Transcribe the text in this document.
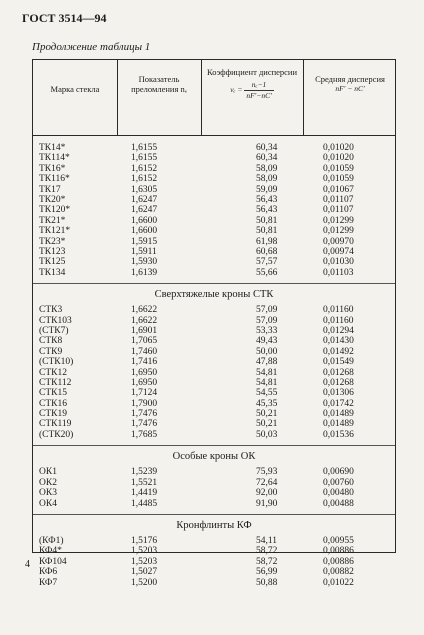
ГОСТ 3514—94
Продолжение таблицы 1
Марка стекла
Показатель
преломления nₑ
Коэффициент дисперсии
$\nu_e = \frac{\text{nₑ−1}}{nF'-nC'}$
Средняя дисперсия
nF′ − nC′
ТК14*	1,6155	60,34	0,01020
ТК114*	1,6155	60,34	0,01020
ТК16*	1,6152	58,09	0,01059
ТК116*	1,6152	58,09	0,01059
ТК17	1,6305	59,09	0,01067
ТК20*	1,6247	56,43	0,01107
ТК120*	1,6247	56,43	0,01107
ТК21*	1,6600	50,81	0,01299
ТК121*	1,6600	50,81	0,01299
ТК23*	1,5915	61,98	0,00970
ТК123	1,5911	60,68	0,00974
ТК125	1,5930	57,57	0,01030
ТК134	1,6139	55,66	0,01103
Сверхтяжелые кроны СТК
СТК3	1,6622	57,09	0,01160
СТК103	1,6622	57,09	0,01160
(СТК7)	1,6901	53,33	0,01294
СТК8	1,7065	49,43	0,01430
СТК9	1,7460	50,00	0,01492
(СТК10)	1,7416	47,88	0,01549
СТК12	1,6950	54,81	0,01268
СТК112	1,6950	54,81	0,01268
СТК15	1,7124	54,55	0,01306
СТК16	1,7900	45,35	0,01742
СТК19	1,7476	50,21	0,01489
СТК119	1,7476	50,21	0,01489
(СТК20)	1,7685	50,03	0,01536
Особые кроны ОК
ОК1	1,5239	75,93	0,00690
ОК2	1,5521	72,64	0,00760
ОК3	1,4419	92,00	0,00480
ОК4	1,4485	91,90	0,00488
Кронфлинты КФ
(КФ1)	1,5176	54,11	0,00955
КФ4*	1,5203	58,72	0,00886
КФ104	1,5203	58,72	0,00886
КФ6	1,5027	56,99	0,00882
КФ7	1,5200	50,88	0,01022
4
